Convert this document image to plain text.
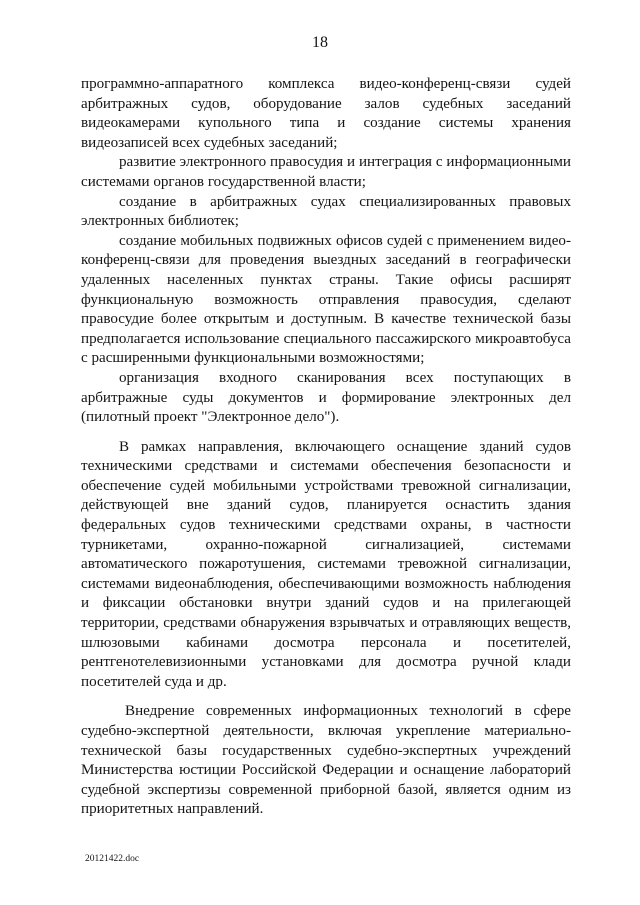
18

программно-аппаратного комплекса видео-конференц-связи судей арбитражных судов, оборудование залов судебных заседаний видеокамерами купольного типа и создание системы хранения видеозаписей всех судебных заседаний;

развитие электронного правосудия и интеграция с информационными системами органов государственной власти;

создание в арбитражных судах специализированных правовых электронных библиотек;

создание мобильных подвижных офисов судей с применением видео-конференц-связи для проведения выездных заседаний в географически удаленных населенных пунктах страны. Такие офисы расширят функциональную возможность отправления правосудия, сделают правосудие более открытым и доступным. В качестве технической базы предполагается использование специального пассажирского микроавтобуса с расширенными функциональными возможностями;

организация входного сканирования всех поступающих в арбитражные суды документов и формирование электронных дел (пилотный проект "Электронное дело").

В рамках направления, включающего оснащение зданий судов техническими средствами и системами обеспечения безопасности и обеспечение судей мобильными устройствами тревожной сигнализации, действующей вне зданий судов, планируется оснастить здания федеральных судов техническими средствами охраны, в частности турникетами, охранно-пожарной сигнализацией, системами автоматического пожаротушения, системами тревожной сигнализации, системами видеонаблюдения, обеспечивающими возможность наблюдения и фиксации обстановки внутри зданий судов и на прилегающей территории, средствами обнаружения взрывчатых и отравляющих веществ, шлюзовыми кабинами досмотра персонала и посетителей, рентгенотелевизионными установками для досмотра ручной клади посетителей суда и др.

Внедрение современных информационных технологий в сфере судебно-экспертной деятельности, включая укрепление материально-технической базы государственных судебно-экспертных учреждений Министерства юстиции Российской Федерации и оснащение лабораторий судебной экспертизы современной приборной базой, является одним из приоритетных направлений.

20121422.doc
